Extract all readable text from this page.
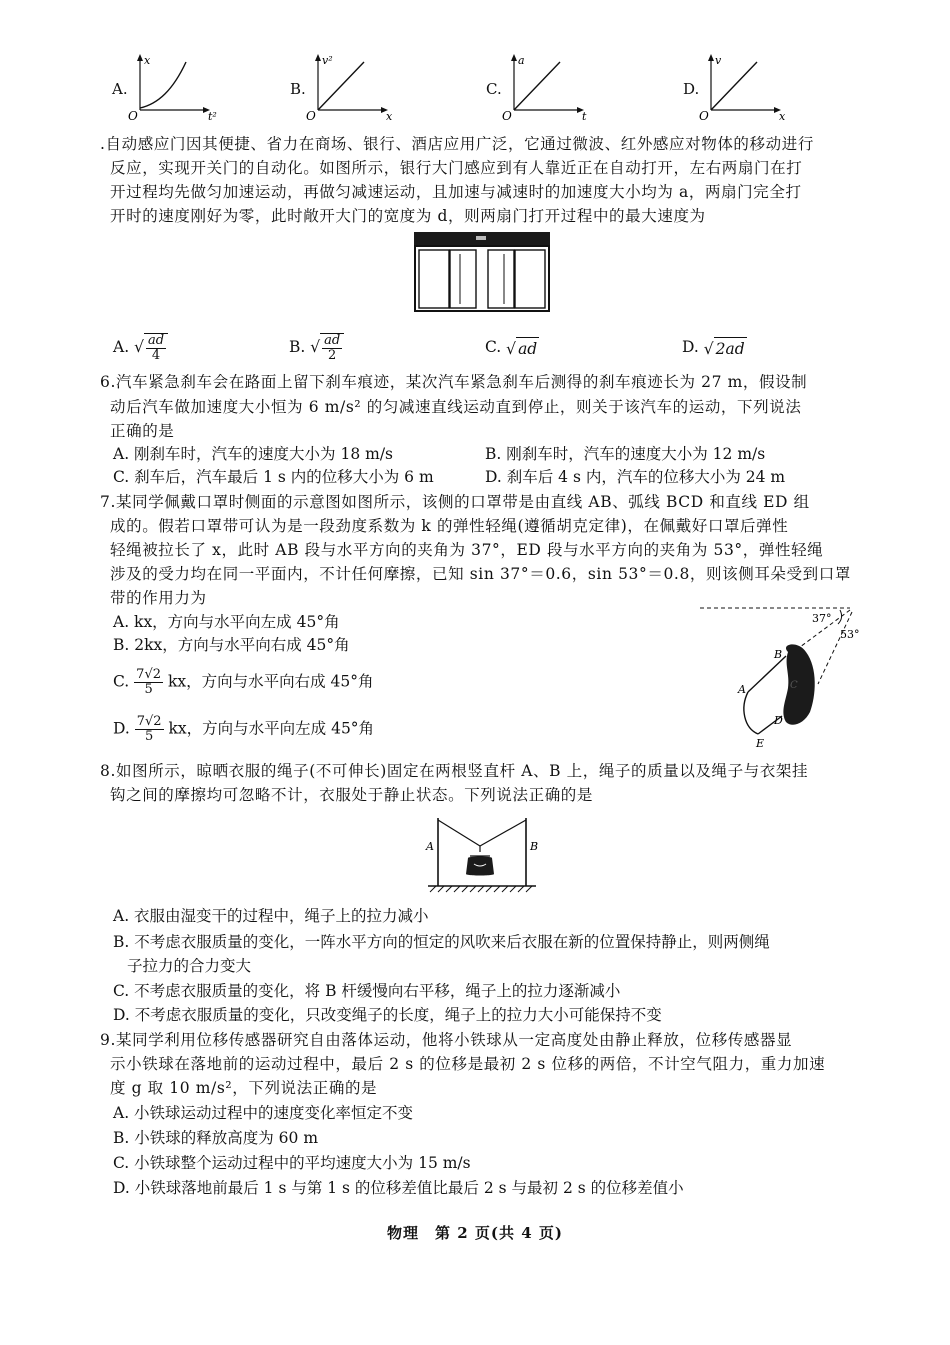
A.
x
t²
O
B.
v²
x
O
C.
a
t
O
D.
v
x
O
.自动感应门因其便捷、省力在商场、银行、酒店应用广泛，它通过微波、红外感应对物体的移动进行
反应，实现开关门的自动化。如图所示，银行大门感应到有人靠近正在自动打开，左右两扇门在打
开过程均先做匀加速运动，再做匀减速运动，且加速与减速时的加速度大小均为 a，两扇门完全打
开时的速度刚好为零，此时敞开大门的宽度为 d，则两扇门打开过程中的最大速度为
A. √ $\frac{ad}{4}$	B. √ $\frac{ad}{2}$	C. √ ad	D. √ 2ad
6.汽车紧急刹车会在路面上留下刹车痕迹，某次汽车紧急刹车后测得的刹车痕迹长为 27 m，假设制
动后汽车做加速度大小恒为 6 m/s² 的匀减速直线运动直到停止，则关于该汽车的运动，下列说法
正确的是
A. 刚刹车时，汽车的速度大小为 18 m/s	B. 刚刹车时，汽车的速度大小为 12 m/s
C. 刹车后，汽车最后 1 s 内的位移大小为 6 m	D. 刹车后 4 s 内，汽车的位移大小为 24 m
7.某同学佩戴口罩时侧面的示意图如图所示，该侧的口罩带是由直线 AB、弧线 BCD 和直线 ED 组
成的。假若口罩带可认为是一段劲度系数为 k 的弹性轻绳(遵循胡克定律)，在佩戴好口罩后弹性
轻绳被拉长了 x，此时 AB 段与水平方向的夹角为 37°，ED 段与水平方向的夹角为 53°，弹性轻绳
涉及的受力均在同一平面内，不计任何摩擦，已知 sin 37°＝0.6，sin 53°＝0.8，则该侧耳朵受到口罩
带的作用力为
A. kx，方向与水平向左成 45°角
B. 2kx，方向与水平向右成 45°角
C. $\frac{7√2}{5}$ kx，方向与水平向右成 45°角
D. $\frac{7√2}{5}$ kx，方向与水平向左成 45°角
37°
53°
B
A	C
D
E
8.如图所示，晾晒衣服的绳子(不可伸长)固定在两根竖直杆 A、B 上，绳子的质量以及绳子与衣架挂
钩之间的摩擦均可忽略不计，衣服处于静止状态。下列说法正确的是
A	B
A. 衣服由湿变干的过程中，绳子上的拉力减小
B. 不考虑衣服质量的变化，一阵水平方向的恒定的风吹来后衣服在新的位置保持静止，则两侧绳
子拉力的合力变大
C. 不考虑衣服质量的变化，将 B 杆缓慢向右平移，绳子上的拉力逐渐减小
D. 不考虑衣服质量的变化，只改变绳子的长度，绳子上的拉力大小可能保持不变
9.某同学利用位移传感器研究自由落体运动，他将小铁球从一定高度处由静止释放，位移传感器显
示小铁球在落地前的运动过程中，最后 2 s 的位移是最初 2 s 位移的两倍，不计空气阻力，重力加速
度 g 取 10 m/s²，下列说法正确的是
A. 小铁球运动过程中的速度变化率恒定不变
B. 小铁球的释放高度为 60 m
C. 小铁球整个运动过程中的平均速度大小为 15 m/s
D. 小铁球落地前最后 1 s 与第 1 s 的位移差值比最后 2 s 与最初 2 s 的位移差值小
物理　第 2 页(共 4 页)
